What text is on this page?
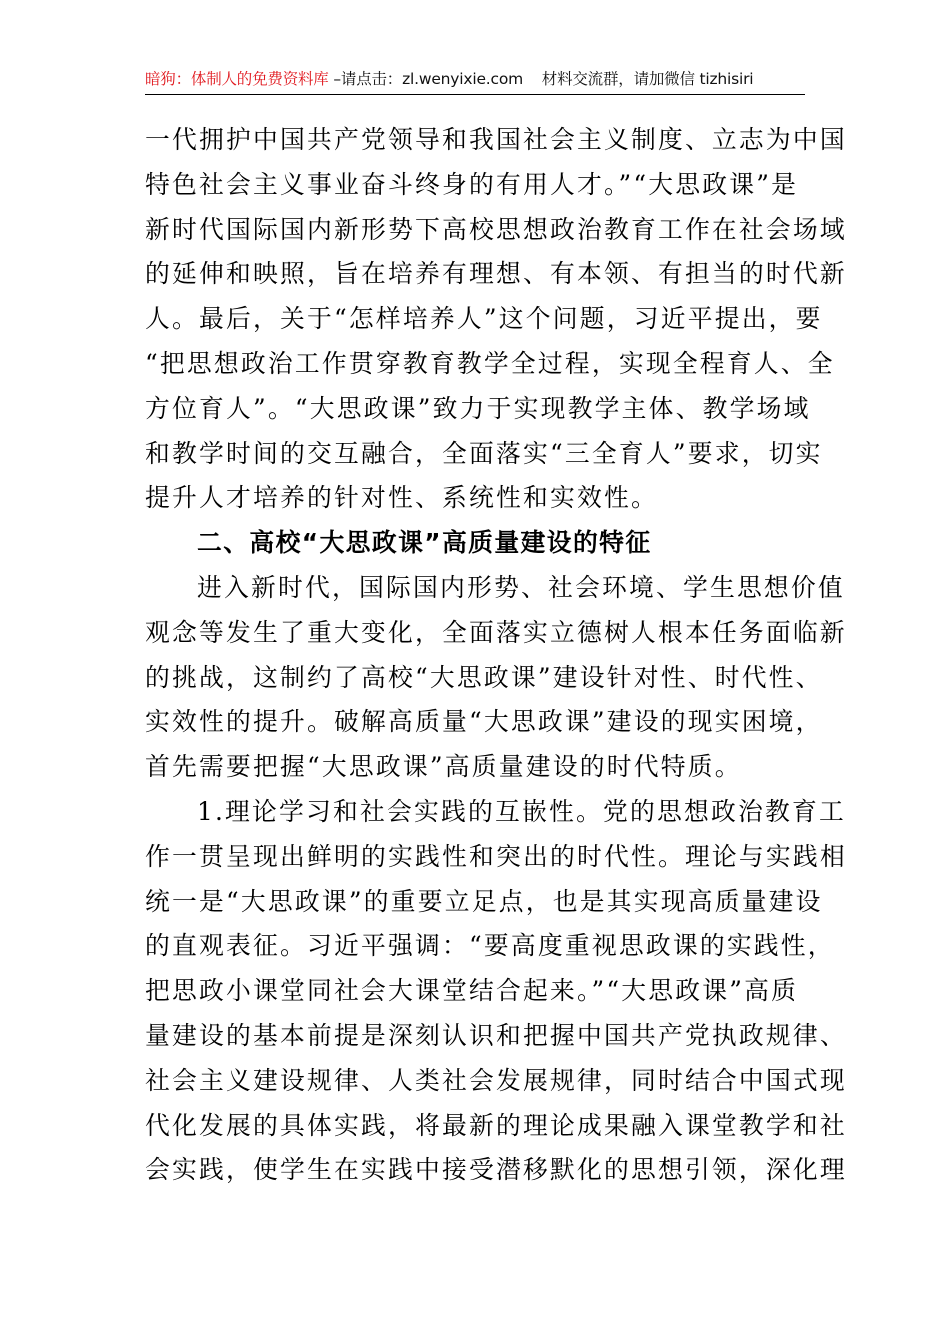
暗狗：体制人的免费资料库 –请点击：zl.wenyixie.com 材料交流群，请加微信 tizhisiri
一代拥护中国共产党领导和我国社会主义制度、立志为中国
特色社会主义事业奋斗终身的有用人才。”“大思政课”是
新时代国际国内新形势下高校思想政治教育工作在社会场域
的延伸和映照，旨在培养有理想、有本领、有担当的时代新
人。最后，关于“怎样培养人”这个问题，习近平提出，要
“把思想政治工作贯穿教育教学全过程，实现全程育人、全
方位育人”。“大思政课”致力于实现教学主体、教学场域
和教学时间的交互融合，全面落实“三全育人”要求，切实
提升人才培养的针对性、系统性和实效性。
二、高校“大思政课”高质量建设的特征
进入新时代，国际国内形势、社会环境、学生思想价值
观念等发生了重大变化，全面落实立德树人根本任务面临新
的挑战，这制约了高校“大思政课”建设针对性、时代性、
实效性的提升。破解高质量“大思政课”建设的现实困境，
首先需要把握“大思政课”高质量建设的时代特质。
1.理论学习和社会实践的互嵌性。党的思想政治教育工
作一贯呈现出鲜明的实践性和突出的时代性。理论与实践相
统一是“大思政课”的重要立足点，也是其实现高质量建设
的直观表征。习近平强调：“要高度重视思政课的实践性，
把思政小课堂同社会大课堂结合起来。”“大思政课”高质
量建设的基本前提是深刻认识和把握中国共产党执政规律、
社会主义建设规律、人类社会发展规律，同时结合中国式现
代化发展的具体实践，将最新的理论成果融入课堂教学和社
会实践，使学生在实践中接受潜移默化的思想引领，深化理
